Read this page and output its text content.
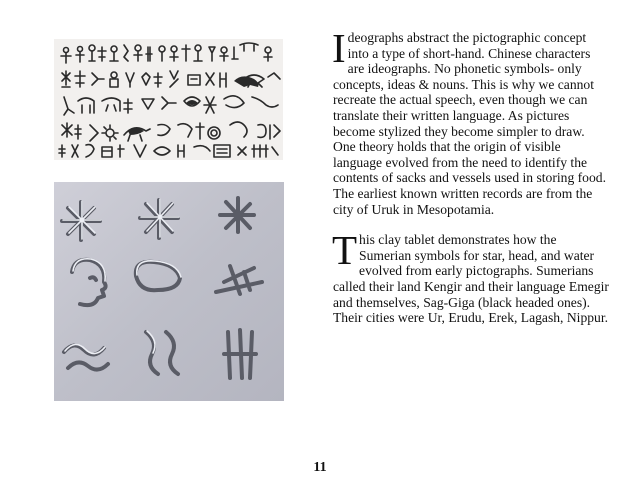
Ideographs abstract the pictographic concept into a type of short-hand. Chinese characters are ideographs. No phonetic symbols- only concepts, ideas & nouns. This is why we cannot recreate the actual speech, even though we can translate their written language. As pictures become stylized they become simpler to draw. One theory holds that the origin of visible language evolved from the need to identify the contents of sacks and vessels used in storing food. The earliest known written records are from the city of Uruk in Mesopotamia.

This clay tablet demonstrates how the Sumerian symbols for star, head, and water evolved from early pictographs. Sumerians called their land Kengir and their language Emegir and themselves, Sag-Giga (black headed ones). Their cities were Ur, Erudu, Erek, Lagash, Nippur.

11
